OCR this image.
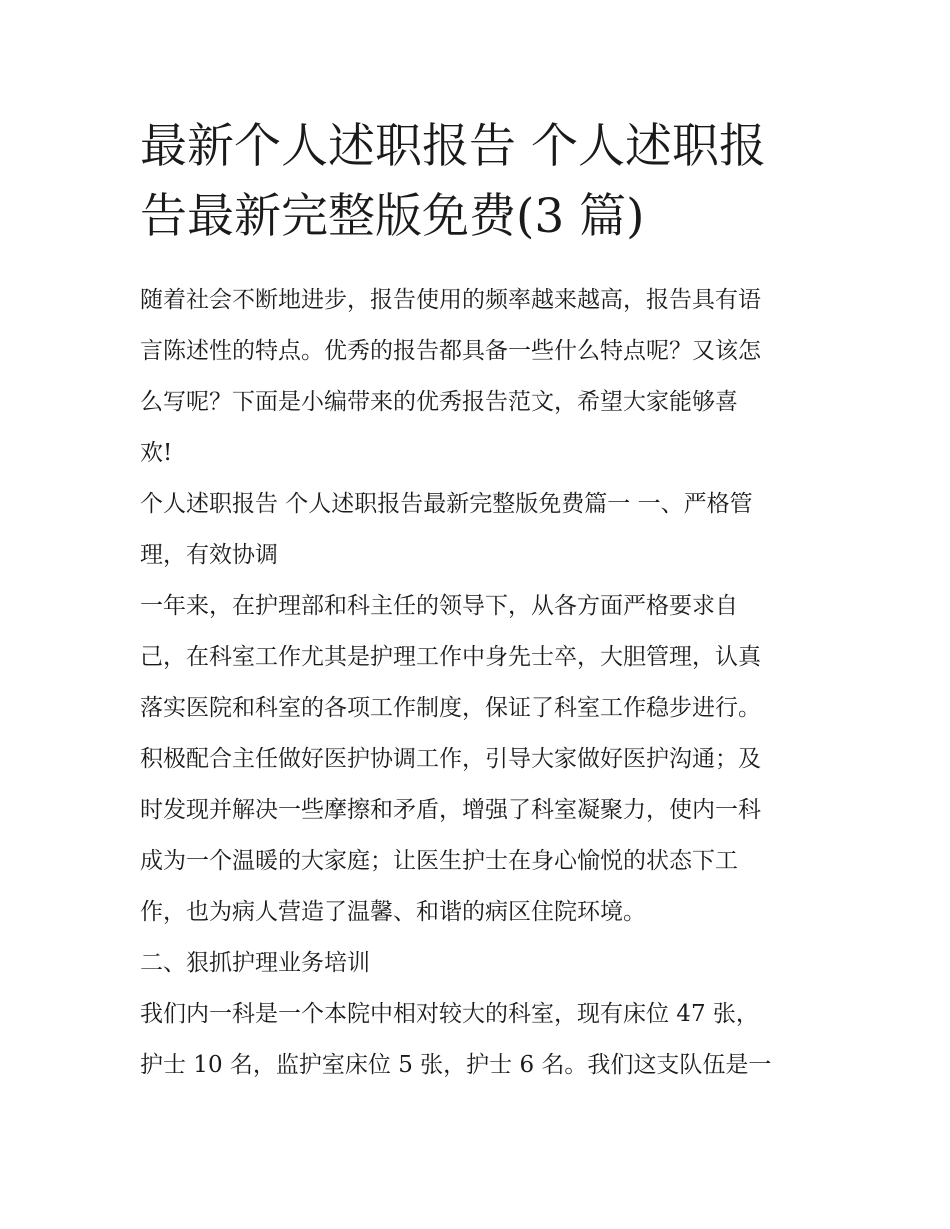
最新个人述职报告 个人述职报
告最新完整版免费(3 篇)

随着社会不断地进步，报告使用的频率越来越高，报告具有语

言陈述性的特点。优秀的报告都具备一些什么特点呢？又该怎

么写呢？下面是小编带来的优秀报告范文，希望大家能够喜

欢!

个人述职报告 个人述职报告最新完整版免费篇一 一、严格管

理，有效协调

一年来，在护理部和科主任的领导下，从各方面严格要求自

己，在科室工作尤其是护理工作中身先士卒，大胆管理，认真

落实医院和科室的各项工作制度，保证了科室工作稳步进行。

积极配合主任做好医护协调工作，引导大家做好医护沟通；及

时发现并解决一些摩擦和矛盾，增强了科室凝聚力，使内一科

成为一个温暖的大家庭；让医生护士在身心愉悦的状态下工

作，也为病人营造了温馨、和谐的病区住院环境。

二、狠抓护理业务培训

我们内一科是一个本院中相对较大的科室，现有床位 47 张，

护士 10 名，监护室床位 5 张，护士 6 名。我们这支队伍是一
